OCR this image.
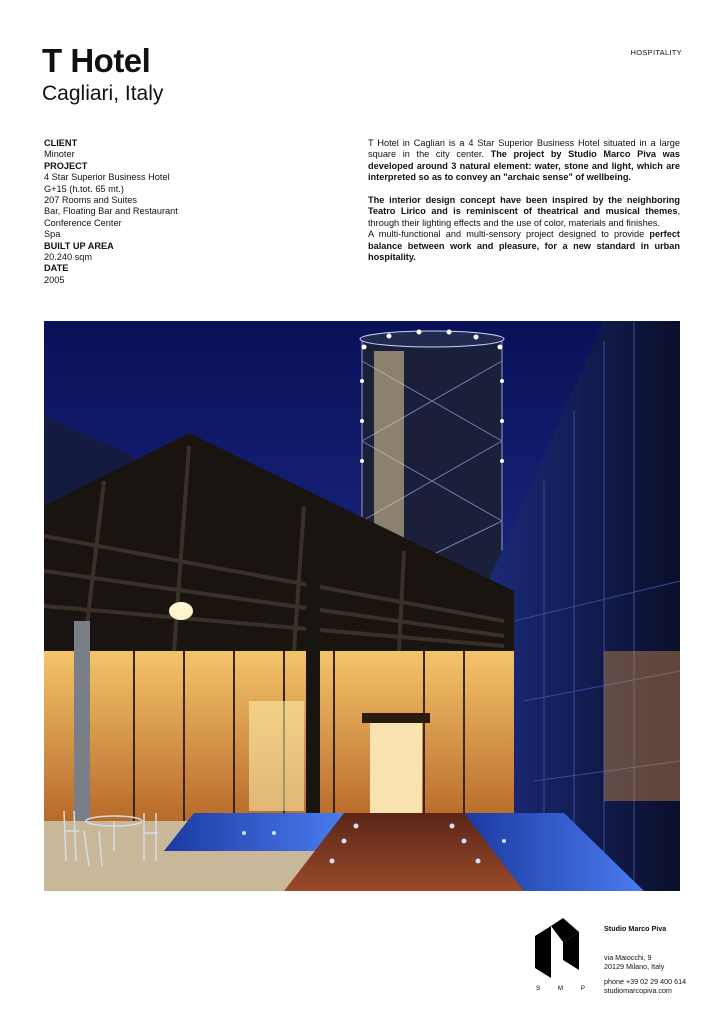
T Hotel
Cagliari, Italy
HOSPITALITY
CLIENT
Minoter
PROJECT
4 Star Superior Business Hotel
G+15 (h.tot. 65 mt.)
207 Rooms and Suites
Bar, Floating Bar and Restaurant
Conference Center
Spa
BUILT UP AREA
20.240 sqm
DATE
2005

T Hotel in Cagliari is a 4 Star Superior Business Hotel situated in a large square in the city center. The project by Studio Marco Piva was developed around 3 natural element: water, stone and light, which are interpreted so as to convey an "archaic sense" of wellbeing.

The interior design concept have been inspired by the neighboring Teatro Lirico and is reminiscent of theatrical and musical themes, through their lighting effects and the use of color, materials and finishes.

A multi-functional and multi-sensory project designed to provide perfect balance between work and pleasure, for a new standard in urban hospitality.

S	M	P
Studio Marco Piva
via Maiocchi, 9
20129 Milano, Italy
phone +39 02 29 400 614
studiomarcopiva.com
